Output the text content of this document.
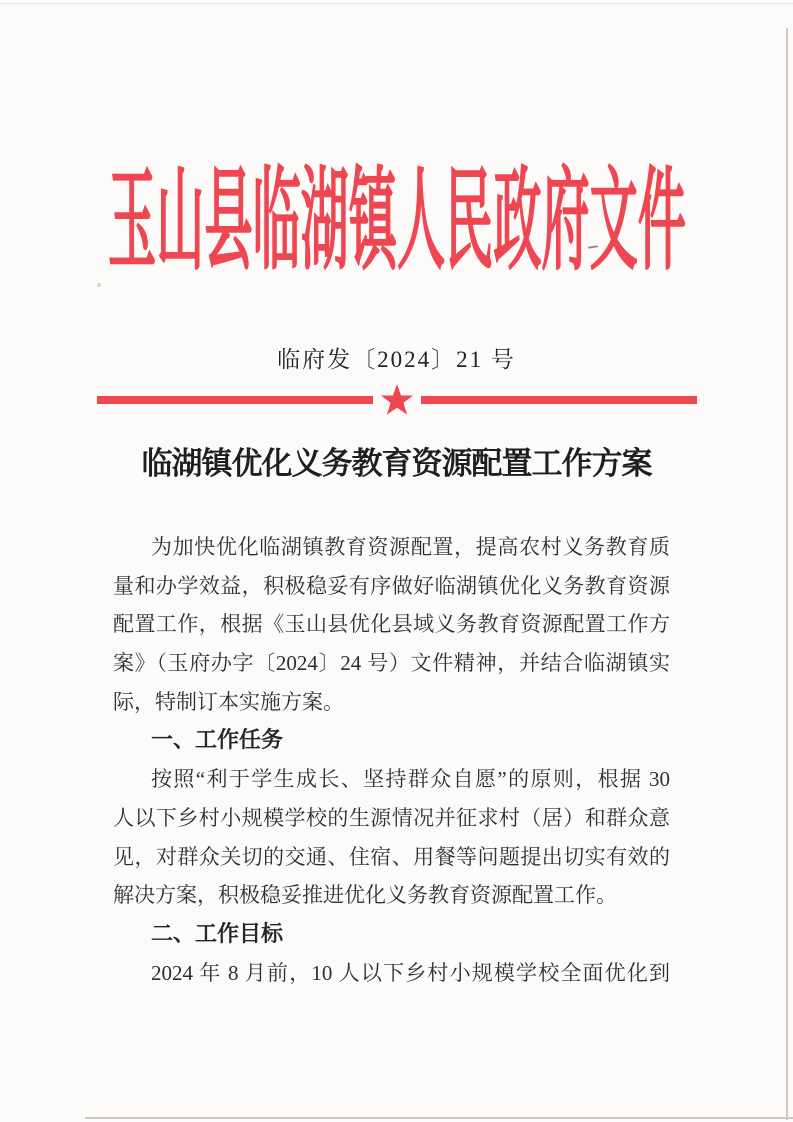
玉山县临湖镇人民政府文件
临府发〔2024〕21 号
临湖镇优化义务教育资源配置工作方案
为加快优化临湖镇教育资源配置，提高农村义务教育质
量和办学效益，积极稳妥有序做好临湖镇优化义务教育资源
配置工作，根据《玉山县优化县域义务教育资源配置工作方
案》（玉府办字〔2024〕24 号）文件精神，并结合临湖镇实
际，特制订本实施方案。
一、工作任务
按照“利于学生成长、坚持群众自愿”的原则，根据 30
人以下乡村小规模学校的生源情况并征求村（居）和群众意
见，对群众关切的交通、住宿、用餐等问题提出切实有效的
解决方案，积极稳妥推进优化义务教育资源配置工作。
二、工作目标
2024 年 8 月前，10 人以下乡村小规模学校全面优化到
